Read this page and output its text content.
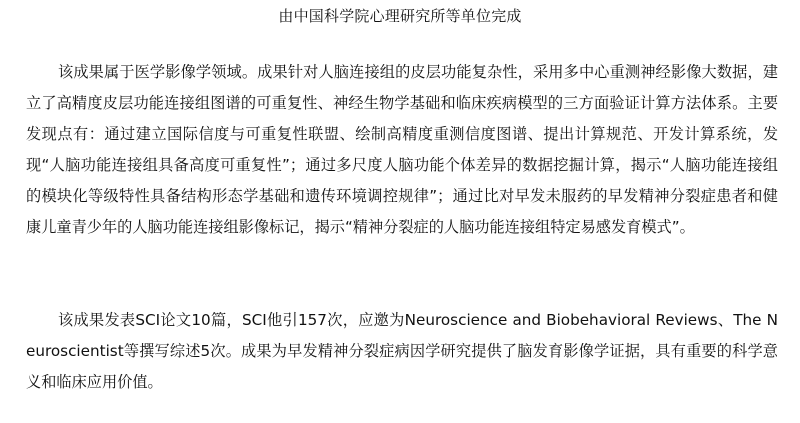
由中国科学院心理研究所等单位完成

该成果属于医学影像学领域。成果针对人脑连接组的皮层功能复杂性，采用多中心重测神经影像大数据，建立了高精度皮层功能连接组图谱的可重复性、神经生物学基础和临床疾病模型的三方面验证计算方法体系。主要发现点有：通过建立国际信度与可重复性联盟、绘制高精度重测信度图谱、提出计算规范、开发计算系统，发现“人脑功能连接组具备高度可重复性”；通过多尺度人脑功能个体差异的数据挖掘计算，揭示“人脑功能连接组的模块化等级特性具备结构形态学基础和遗传环境调控规律”；通过比对早发未服药的早发精神分裂症患者和健康儿童青少年的人脑功能连接组影像标记，揭示“精神分裂症的人脑功能连接组特定易感发育模式”。

该成果发表SCI论文10篇，SCI他引157次，应邀为Neuroscience and Biobehavioral Reviews、The Neuroscientist等撰写综述5次。成果为早发精神分裂症病因学研究提供了脑发育影像学证据，具有重要的科学意义和临床应用价值。
